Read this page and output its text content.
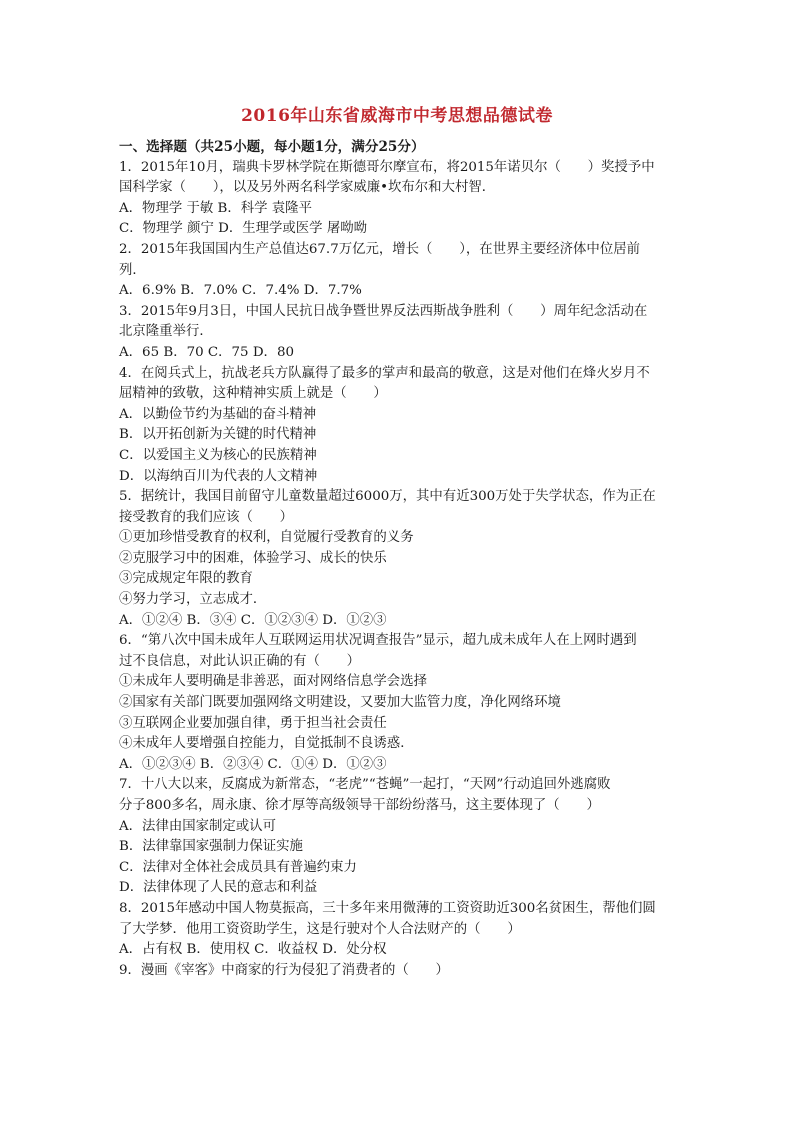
2016年山东省威海市中考思想品德试卷
一、选择题（共25小题，每小题1分，满分25分）
1．2015年10月，瑞典卡罗林学院在斯德哥尔摩宣布，将2015年诺贝尔（　　）奖授予中
国科学家（　　），以及另外两名科学家威廉•坎布尔和大村智．
A．物理学 于敏 B．科学 袁隆平
C．物理学 颜宁 D．生理学或医学 屠呦呦
2．2015年我国国内生产总值达67.7万亿元，增长（　　），在世界主要经济体中位居前
列．
A．6.9% B．7.0% C．7.4% D．7.7%
3．2015年9月3日，中国人民抗日战争暨世界反法西斯战争胜利（　　）周年纪念活动在
北京隆重举行．
A．65 B．70 C．75 D．80
4．在阅兵式上，抗战老兵方队赢得了最多的掌声和最高的敬意，这是对他们在烽火岁月不
屈精神的致敬，这种精神实质上就是（　　）
A．以勤俭节约为基础的奋斗精神
B．以开拓创新为关键的时代精神
C．以爱国主义为核心的民族精神
D．以海纳百川为代表的人文精神
5．据统计，我国目前留守儿童数量超过6000万，其中有近300万处于失学状态，作为正在
接受教育的我们应该（　　）
①更加珍惜受教育的权利，自觉履行受教育的义务
②克服学习中的困难，体验学习、成长的快乐
③完成规定年限的教育
④努力学习，立志成才．
A．①②④ B．③④ C．①②③④ D．①②③
6．“第八次中国未成年人互联网运用状况调查报告”显示，超九成未成年人在上网时遇到
过不良信息，对此认识正确的有（　　）
①未成年人要明确是非善恶，面对网络信息学会选择
②国家有关部门既要加强网络文明建设，又要加大监管力度，净化网络环境
③互联网企业要加强自律，勇于担当社会责任
④未成年人要增强自控能力，自觉抵制不良诱惑．
A．①②③④ B．②③④ C．①④ D．①②③
7．十八大以来，反腐成为新常态，“老虎”“苍蝇”一起打，“天网”行动追回外逃腐败
分子800多名，周永康、徐才厚等高级领导干部纷纷落马，这主要体现了（　　）
A．法律由国家制定或认可
B．法律靠国家强制力保证实施
C．法律对全体社会成员具有普遍约束力
D．法律体现了人民的意志和利益
8．2015年感动中国人物莫振高，三十多年来用微薄的工资资助近300名贫困生，帮他们圆
了大学梦．他用工资资助学生，这是行驶对个人合法财产的（　　）
A．占有权 B．使用权 C．收益权 D．处分权
9．漫画《宰客》中商家的行为侵犯了消费者的（　　）
